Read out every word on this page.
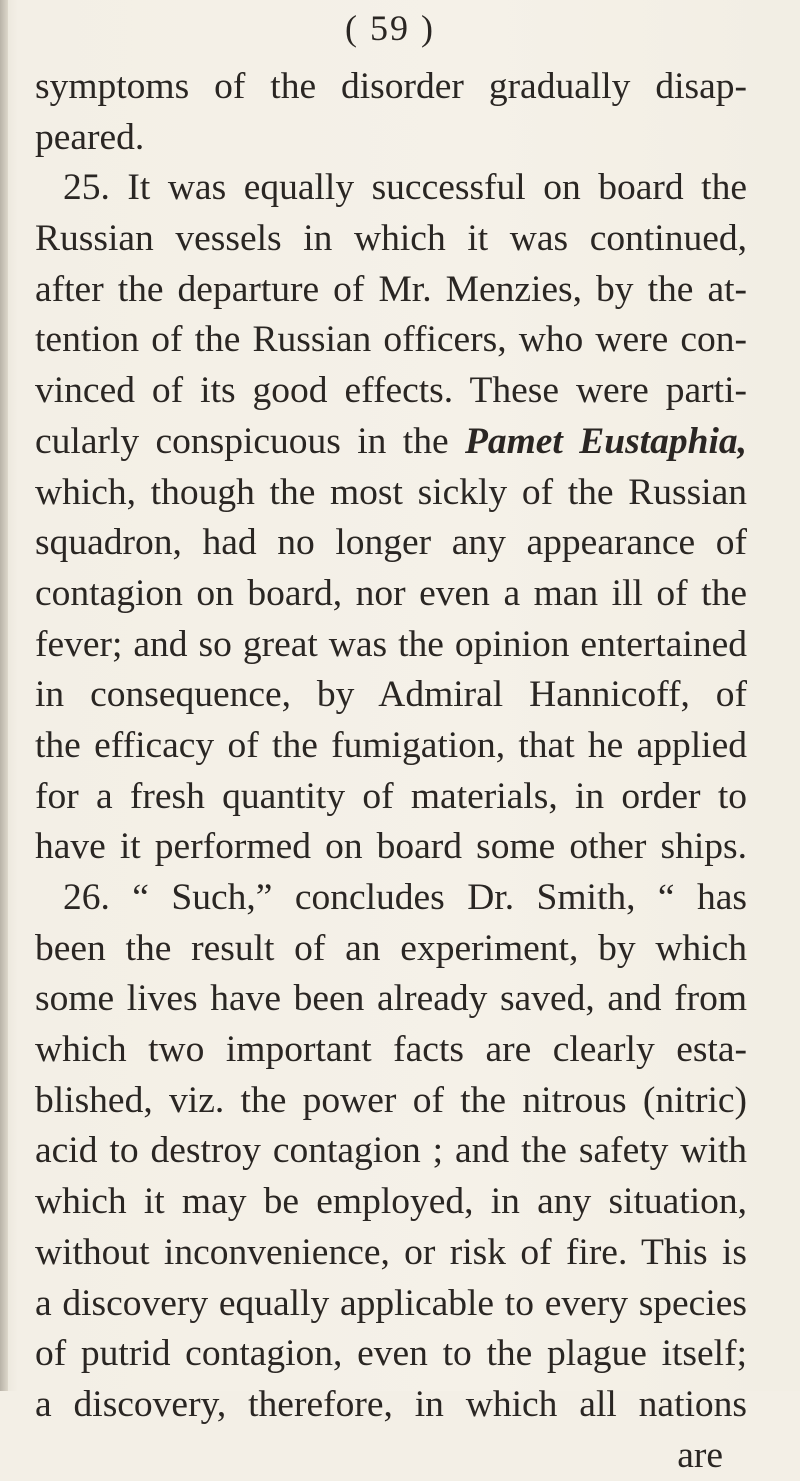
( 59 )
symptoms of the disorder gradually disap-
peared.
25. It was equally successful on board the
Russian vessels in which it was continued,
after the departure of Mr. Menzies, by the at-
tention of the Russian officers, who were con-
vinced of its good effects. These were parti-
cularly conspicuous in the Pamet Eustaphia,
which, though the most sickly of the Russian
squadron, had no longer any appearance of
contagion on board, nor even a man ill of the
fever; and so great was the opinion entertained
in consequence, by Admiral Hannicoff, of
the efficacy of the fumigation, that he applied
for a fresh quantity of materials, in order to
have it performed on board some other ships.
26. “ Such,” concludes Dr. Smith, “ has
been the result of an experiment, by which
some lives have been already saved, and from
which two important facts are clearly esta-
blished, viz. the power of the nitrous (nitric)
acid to destroy contagion ; and the safety with
which it may be employed, in any situation,
without inconvenience, or risk of fire. This is
a discovery equally applicable to every species
of putrid contagion, even to the plague itself;
a discovery, therefore, in which all nations
are
